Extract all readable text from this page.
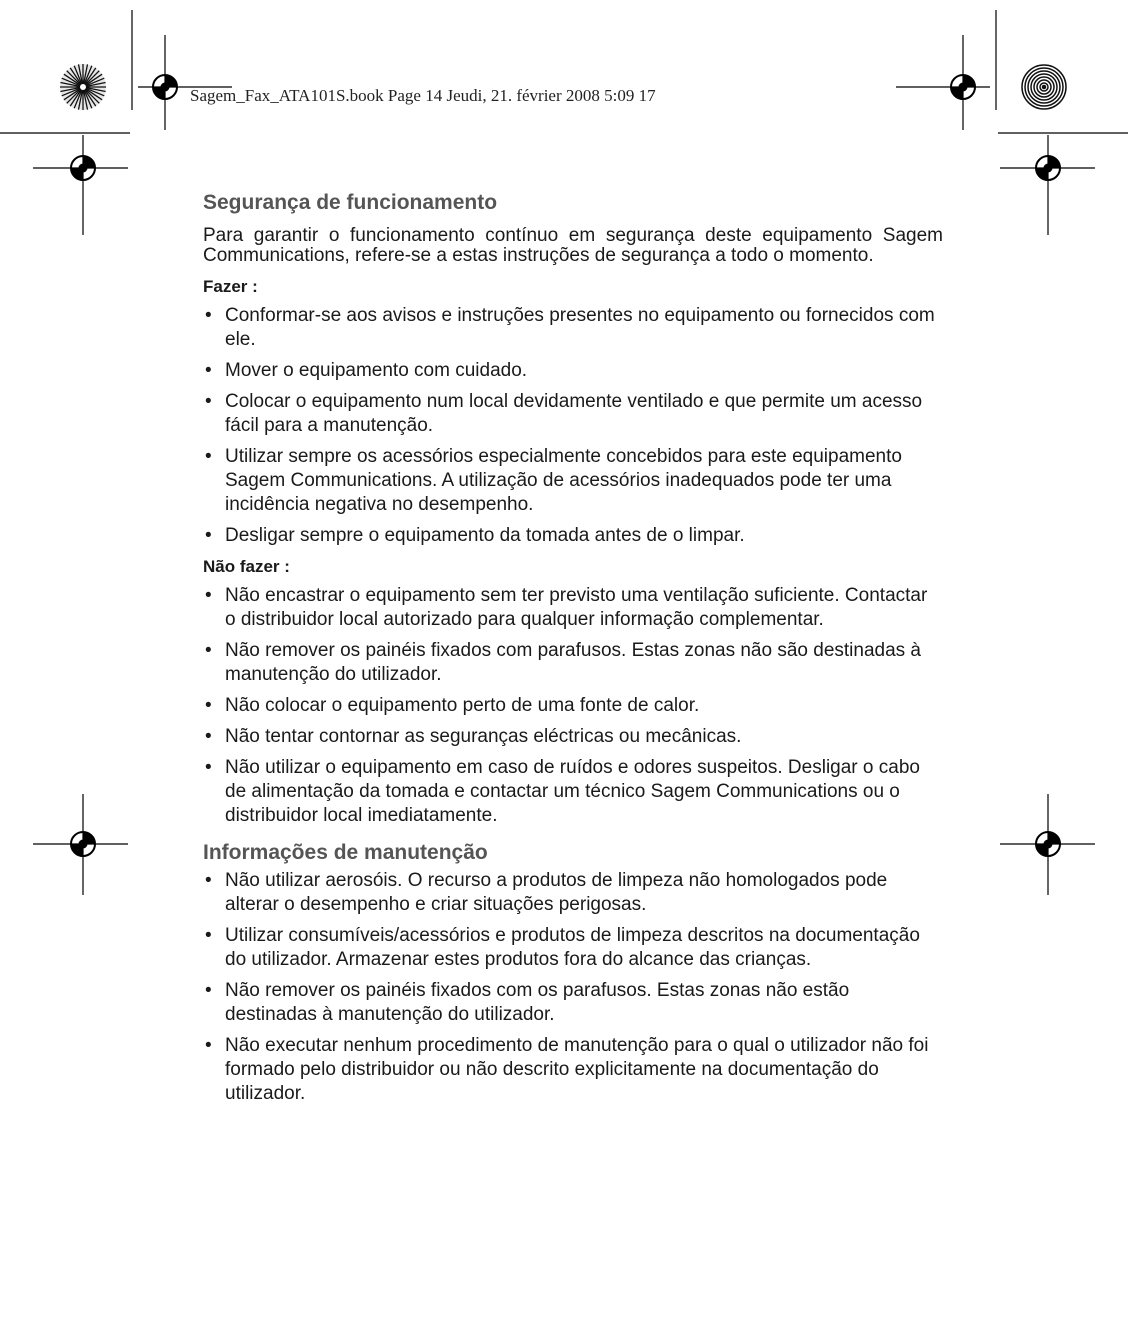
Sagem_Fax_ATA101S.book Page 14 Jeudi, 21. février 2008 5:09 17
Segurança de funcionamento

Para garantir o funcionamento contínuo em segurança deste equipamento Sagem Communications, refere-se a estas instruções de segurança a todo o momento.

Fazer :

• Conformar-se aos avisos e instruções presentes no equipamento ou fornecidos com ele.
• Mover o equipamento com cuidado.
• Colocar o equipamento num local devidamente ventilado e que permite um acesso fácil para a manutenção.
• Utilizar sempre os acessórios especialmente concebidos para este equipamento Sagem Communications. A utilização de acessórios inadequados pode ter uma incidência negativa no desempenho.
• Desligar sempre o equipamento da tomada antes de o limpar.

Não fazer :

• Não encastrar o equipamento sem ter previsto uma ventilação suficiente. Contactar o distribuidor local autorizado para qualquer informação complementar.
• Não remover os painéis fixados com parafusos. Estas zonas não são destinadas à manutenção do utilizador.
• Não colocar o equipamento perto de uma fonte de calor.
• Não tentar contornar as seguranças eléctricas ou mecânicas.
• Não utilizar o equipamento em caso de ruídos e odores suspeitos. Desligar o cabo de alimentação da tomada e contactar um técnico Sagem Communications ou o distribuidor local imediatamente.
Informações de manutenção
• Não utilizar aerosóis. O recurso a produtos de limpeza não homologados pode alterar o desempenho e criar situações perigosas.
• Utilizar consumíveis/acessórios e produtos de limpeza descritos na documentação do utilizador. Armazenar estes produtos fora do alcance das crianças.
• Não remover os painéis fixados com os parafusos. Estas zonas não estão destinadas à manutenção do utilizador.
• Não executar nenhum procedimento de manutenção para o qual o utilizador não foi formado pelo distribuidor ou não descrito explicitamente na documentação do utilizador.
